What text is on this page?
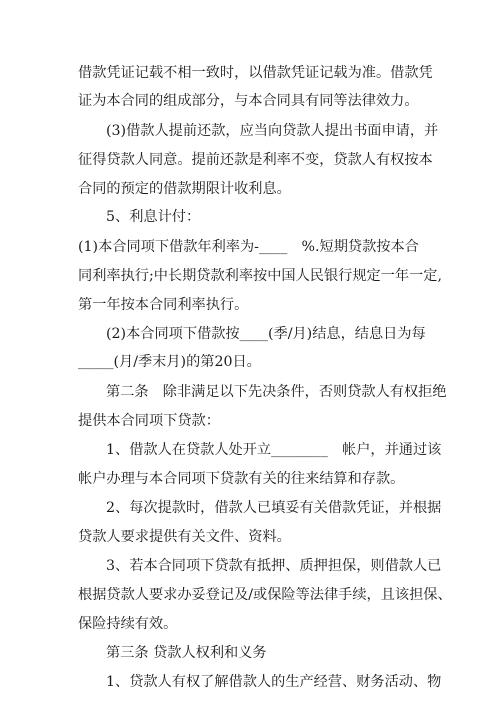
借款凭证记载不相一致时，以借款凭证记载为准。借款凭
证为本合同的组成部分，与本合同具有同等法律效力。
(3)借款人提前还款，应当向贷款人提出书面申请，并
征得贷款人同意。提前还款是利率不变，贷款人有权按本
合同的预定的借款期限计收利息。
5、利息计付：
(1)本合同项下借款年利率为-____　%.短期贷款按本合
同利率执行;中长期贷款利率按中国人民银行规定一年一定,
第一年按本合同利率执行。
(2)本合同项下借款按____(季/月)结息，结息日为每
_____(月/季末月)的第20日。
第二条　除非满足以下先决条件，否则贷款人有权拒绝
提供本合同项下贷款：
1、借款人在贷款人处开立________　帐户，并通过该
帐户办理与本合同项下贷款有关的往来结算和存款。
2、每次提款时，借款人已填妥有关借款凭证，并根据
贷款人要求提供有关文件、资料。
3、若本合同项下贷款有抵押、质押担保，则借款人已
根据贷款人要求办妥登记及/或保险等法律手续，且该担保、
保险持续有效。
第三条 贷款人权利和义务
1、贷款人有权了解借款人的生产经营、财务活动、物
